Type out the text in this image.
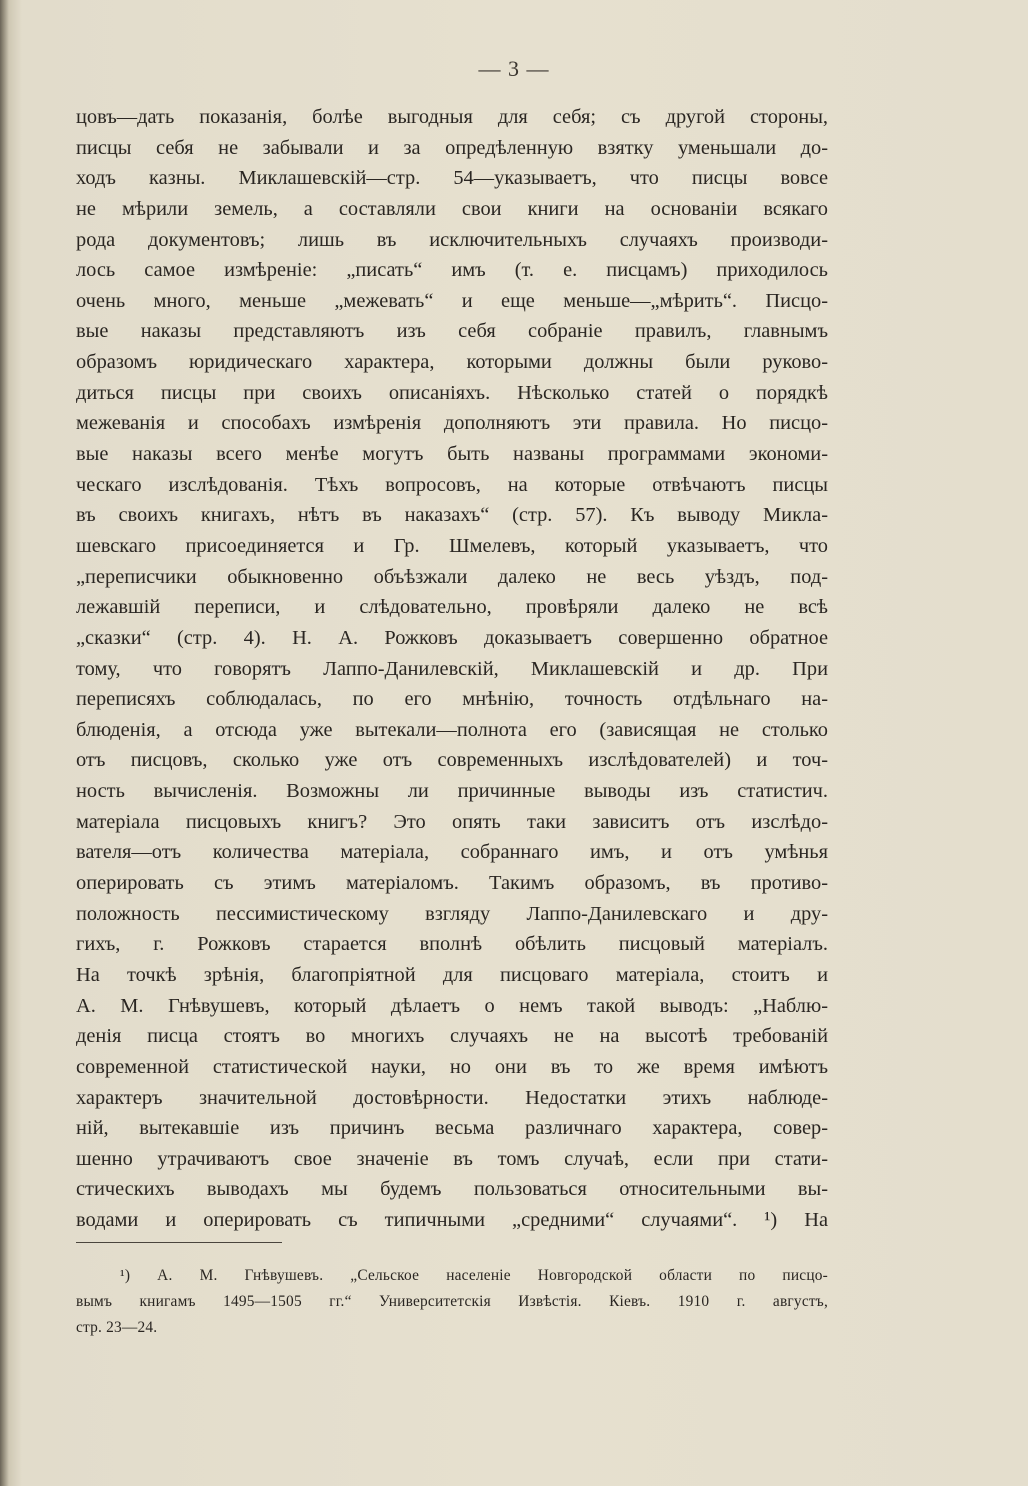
— 3 —
цовъ—дать показанія, болѣе выгодныя для себя; съ другой стороны,
писцы себя не забывали и за опредѣленную взятку уменьшали до-
ходъ казны. Миклашевскій—стр. 54—указываетъ, что писцы вовсе
не мѣрили земель, а составляли свои книги на основаніи всякаго
рода документовъ; лишь въ исключительныхъ случаяхъ производи-
лось самое измѣреніе: „писать“ имъ (т. е. писцамъ) приходилось
очень много, меньше „межевать“ и еще меньше—„мѣрить“. Писцо-
вые наказы представляютъ изъ себя собраніе правилъ, главнымъ
образомъ юридическаго характера, которыми должны были руково-
диться писцы при своихъ описаніяхъ. Нѣсколько статей о порядкѣ
межеванія и способахъ измѣренія дополняютъ эти правила. Но писцо-
вые наказы всего менѣе могутъ быть названы программами экономи-
ческаго изслѣдованія. Тѣхъ вопросовъ, на которые отвѣчаютъ писцы
въ своихъ книгахъ, нѣтъ въ наказахъ“ (стр. 57). Къ выводу Микла-
шевскаго присоединяется и Гр. Шмелевъ, который указываетъ, что
„переписчики обыкновенно объѣзжали далеко не весь уѣздъ, под-
лежавшій переписи, и слѣдовательно, провѣряли далеко не всѣ
„сказки“ (стр. 4). Н. А. Рожковъ доказываетъ совершенно обратное
тому, что говорятъ Лаппо-Данилевскій, Миклашевскій и др. При
переписяхъ соблюдалась, по его мнѣнію, точность отдѣльнаго на-
блюденія, а отсюда уже вытекали—полнота его (зависящая не столько
отъ писцовъ, сколько уже отъ современныхъ изслѣдователей) и точ-
ность вычисленія. Возможны ли причинные выводы изъ статистич.
матеріала писцовыхъ книгъ? Это опять таки зависитъ отъ изслѣдо-
вателя—отъ количества матеріала, собраннаго имъ, и отъ умѣнья
оперировать съ этимъ матеріаломъ. Такимъ образомъ, въ противо-
положность пессимистическому взгляду Лаппо-Данилевскаго и дру-
гихъ, г. Рожковъ старается вполнѣ обѣлить писцовый матеріалъ.
На точкѣ зрѣнія, благопріятной для писцоваго матеріала, стоитъ и
А. М. Гнѣвушевъ, который дѣлаетъ о немъ такой выводъ: „Наблю-
денія писца стоятъ во многихъ случаяхъ не на высотѣ требованій
современной статистической науки, но они въ то же время имѣютъ
характеръ значительной достовѣрности. Недостатки этихъ наблюде-
ній, вытекавшіе изъ причинъ весьма различнаго характера, совер-
шенно утрачиваютъ свое значеніе въ томъ случаѣ, если при стати-
стическихъ выводахъ мы будемъ пользоваться относительными вы-
водами и оперировать съ типичными „средними“ случаями“. ¹) На
¹) А. М. Гнѣвушевъ. „Сельское населеніе Новгородской области по писцо-
вымъ книгамъ 1495—1505 гг.“ Университетскія Извѣстія. Кіевъ. 1910 г. августъ,
стр. 23—24.
